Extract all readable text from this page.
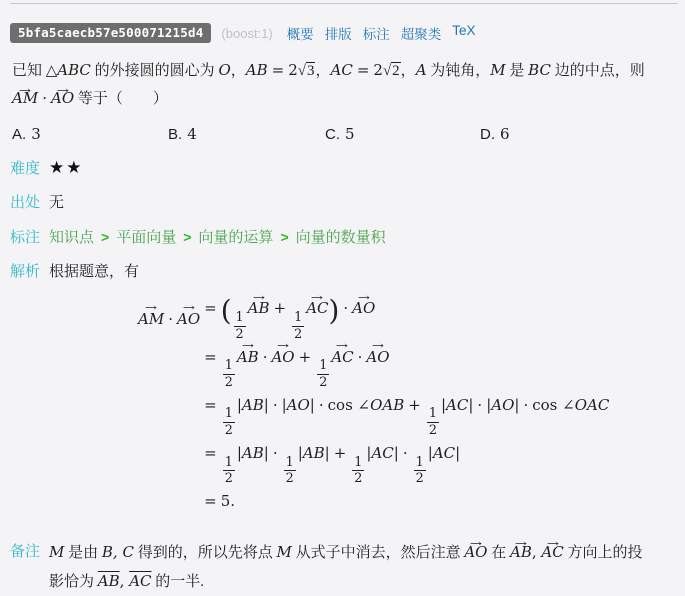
5bfa5caecb57e500071215d4	(boost:1) 概要 排版 标注 超聚类 TeX
已知 △ABC 的外接圆的圆心为 O，AB = 2√3，AC = 2√2，A 为钝角，M 是 BC 边的中点，则 → AM · → AO 等于（　　）
A. 3	B. 4	C. 5	D. 6
难度 ★★
出处 无
标注 知识点 > 平面向量 > 向量的运算 > 向量的数量积
解析 根据题意，有
→ AM · → AO	= ( $\frac{1}{2}$
→ AB +
$\frac{1}{2}$
→ AC) · → AO
	=
$\frac{1}{2}$
→ AB · → AO +
$\frac{1}{2}$
→ AC · → AO
	=
$\frac{1}{2}$
|AB| · |AO| · cos ∠OAB +
$\frac{1}{2}$
|AC| · |AO| · cos ∠OAC
	=
$\frac{1}{2}$
|AB| ·
$\frac{1}{2}$
|AB| +
$\frac{1}{2}$
|AC| ·
$\frac{1}{2}$
|AC|
	= 5.
备注 M 是由 B, C 得到的，所以先将点 M 从式子中消去，然后注意 → AO 在 → AB, → AC 方向上的投影恰为 $\overline{AB}$, $\overline{AC}$ 的一半.
